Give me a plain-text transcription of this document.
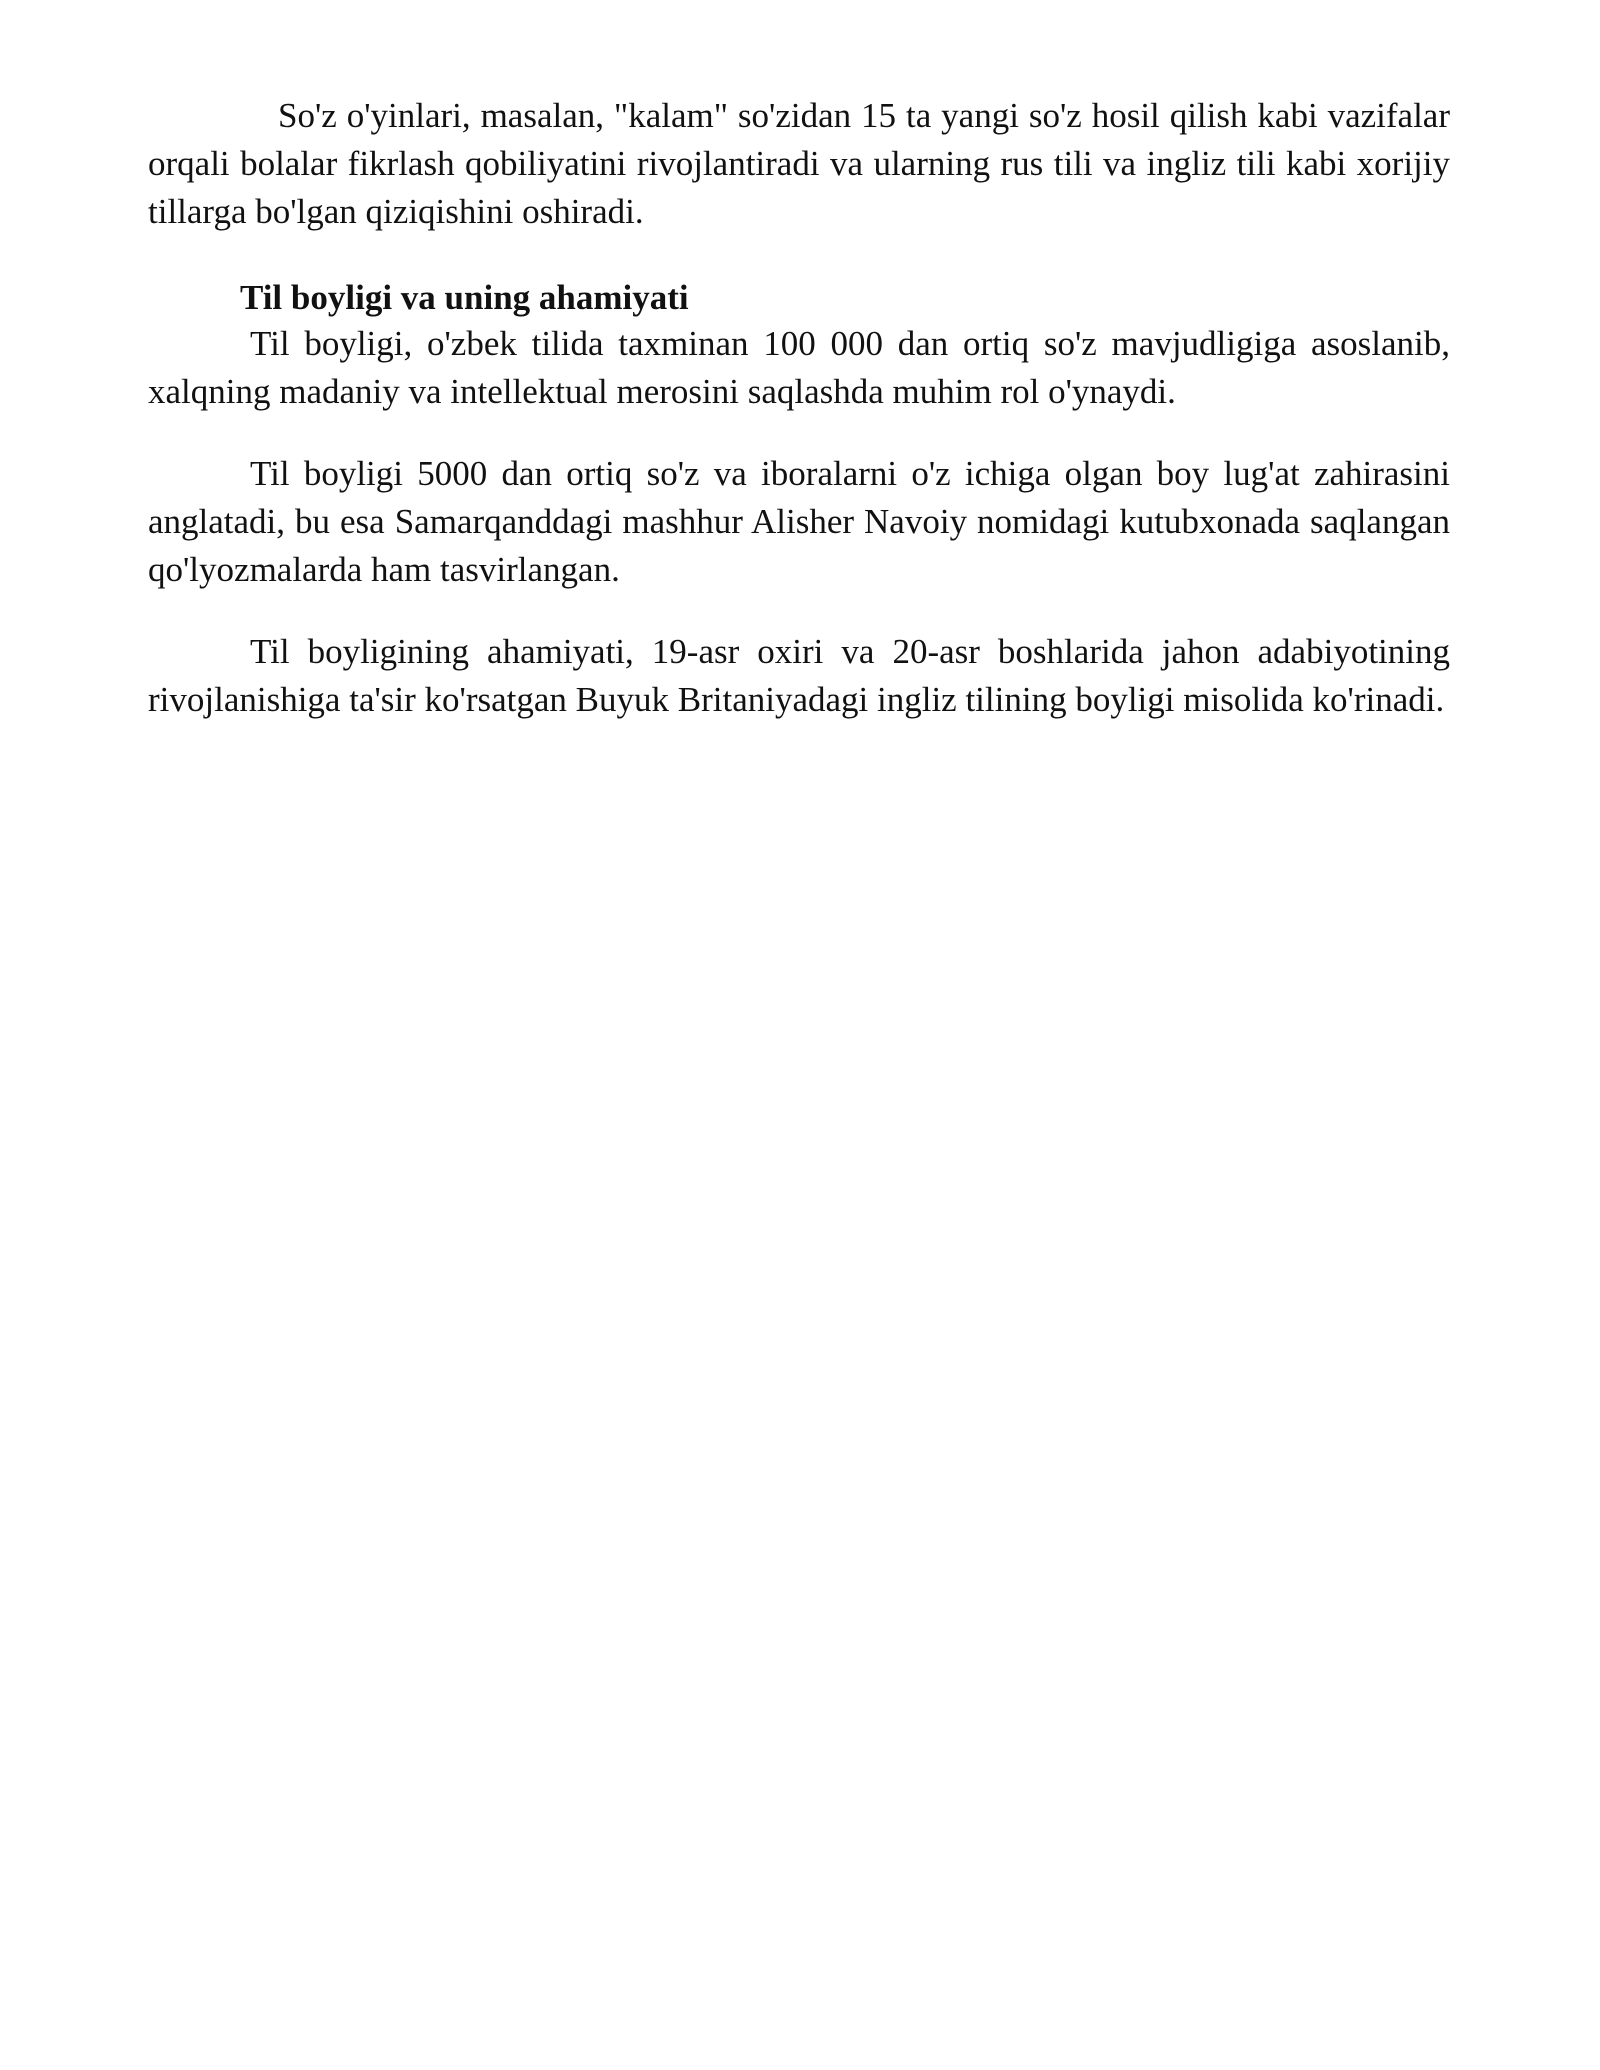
So'z o'yinlari, masalan, "kalam" so'zidan 15 ta yangi so'z hosil qilish kabi vazifalar orqali bolalar fikrlash qobiliyatini rivojlantiradi va ularning rus tili va ingliz tili kabi xorijiy tillarga bo'lgan qiziqishini oshiradi.

Til boyligi va uning ahamiyati

Til boyligi, o'zbek tilida taxminan 100 000 dan ortiq so'z mavjudligiga asoslanib, xalqning madaniy va intellektual merosini saqlashda muhim rol o'ynaydi.

Til boyligi 5000 dan ortiq so'z va iboralarni o'z ichiga olgan boy lug'at zahirasini anglatadi, bu esa Samarqanddagi mashhur Alisher Navoiy nomidagi kutubxonada saqlangan qo'lyozmalarda ham tasvirlangan.

Til boyligining ahamiyati, 19-asr oxiri va 20-asr boshlarida jahon adabiyotining rivojlanishiga ta'sir ko'rsatgan Buyuk Britaniyadagi ingliz tilining boyligi misolida ko'rinadi.
